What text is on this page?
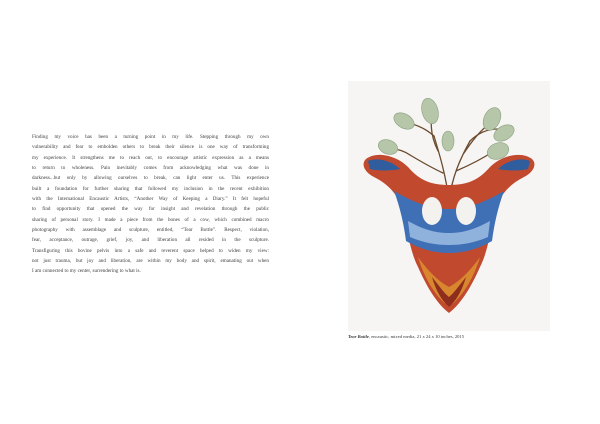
Finding my voice has been a turning point in my life. Stepping through my own
vulnerability and fear to embolden others to break their silence is one way of transforming
my experience. It strengthens me to reach out, to encourage artistic expression as a means
to return to wholeness. Pain inevitably comes from acknowledging what was done in
darkness...but only by allowing ourselves to break, can light enter us. This experience
built a foundation for further sharing that followed my inclusion in the recent exhibition
with the International Encaustic Artists, “Another Way of Keeping a Diary.” It felt hopeful
to find opportunity that opened the way for insight and revelation through the public
sharing of personal story. I made a piece from the bones of a cow, which combined macro
photography with assemblage and sculpture, entitled, “Tear Bottle”. Respect, violation,
fear, acceptance, outrage, grief, joy, and liberation all resided in the sculpture.
Transfiguring this bovine pelvis into a safe and reverent space helped to widen my view:
not just trauma, but joy and liberation, are within my body and spirit, emanating out when
I am connected to my center, surrendering to what is.
Tear Bottle, encaustic, mixed media, 21 x 24 x 10 inches, 2015
